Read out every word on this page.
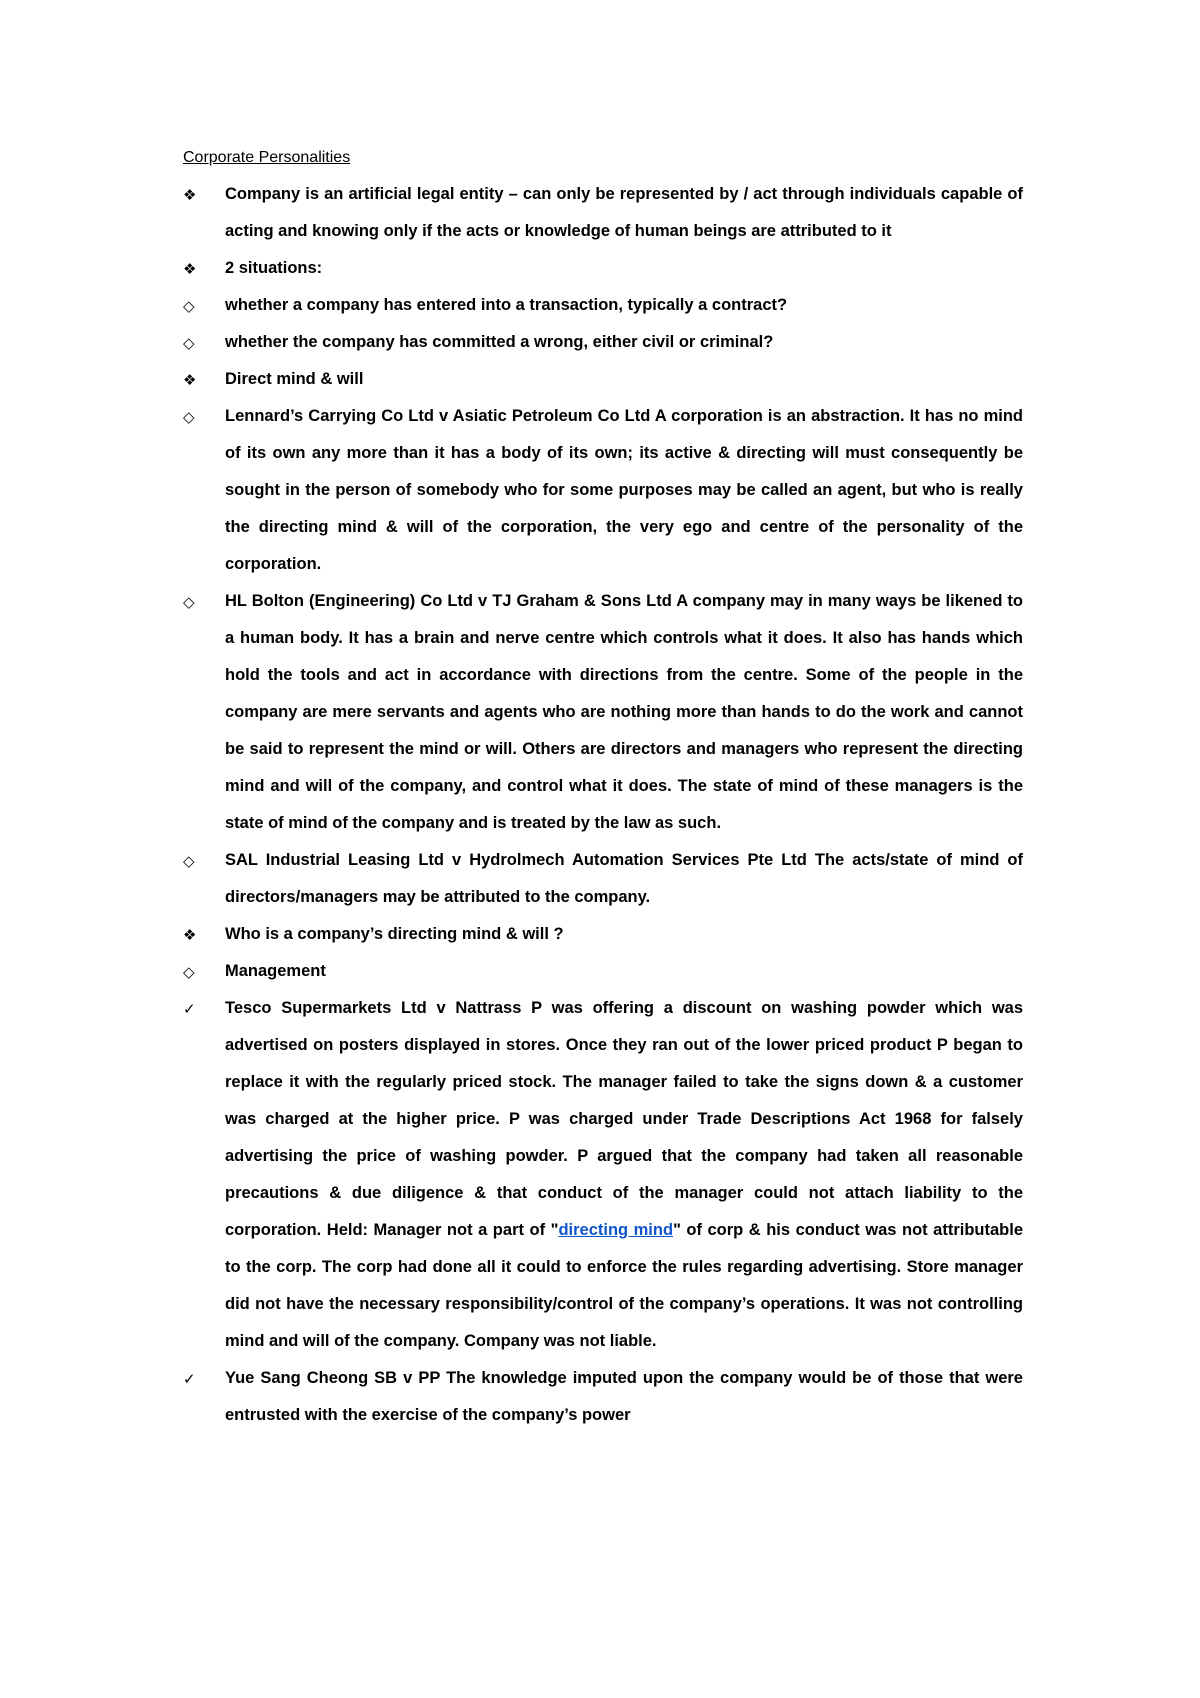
Corporate Personalities
❖	Company is an artificial legal entity – can only be represented by / act through individuals capable of acting and knowing only if the acts or knowledge of human beings are attributed to it
❖	2 situations:
◇	whether a company has entered into a transaction, typically a contract?
◇	whether the company has committed a wrong, either civil or criminal?
❖	Direct mind & will
◇	Lennard’s Carrying Co Ltd v Asiatic Petroleum Co Ltd A corporation is an abstraction. It has no mind of its own any more than it has a body of its own; its active & directing will must consequently be sought in the person of somebody who for some purposes may be called an agent, but who is really the directing mind & will of the corporation, the very ego and centre of the personality of the corporation.
◇	HL Bolton (Engineering) Co Ltd v TJ Graham & Sons Ltd A company may in many ways be likened to a human body. It has a brain and nerve centre which controls what it does. It also has hands which hold the tools and act in accordance with directions from the centre. Some of the people in the company are mere servants and agents who are nothing more than hands to do the work and cannot be said to represent the mind or will. Others are directors and managers who represent the directing mind and will of the company, and control what it does. The state of mind of these managers is the state of mind of the company and is treated by the law as such.
◇	SAL Industrial Leasing Ltd v Hydrolmech Automation Services Pte Ltd The acts/state of mind of directors/managers may be attributed to the company.
❖	Who is a company’s directing mind & will ?
◇	Management
✓	Tesco Supermarkets Ltd v Nattrass P was offering a discount on washing powder which was advertised on posters displayed in stores. Once they ran out of the lower priced product P began to replace it with the regularly priced stock. The manager failed to take the signs down & a customer was charged at the higher price. P was charged under Trade Descriptions Act 1968 for falsely advertising the price of washing powder. P argued that the company had taken all reasonable precautions & due diligence & that conduct of the manager could not attach liability to the corporation. Held: Manager not a part of "directing mind" of corp & his conduct was not attributable to the corp. The corp had done all it could to enforce the rules regarding advertising. Store manager did not have the necessary responsibility/control of the company’s operations. It was not controlling mind and will of the company. Company was not liable.
✓	Yue Sang Cheong SB v PP The knowledge imputed upon the company would be of those that were entrusted with the exercise of the company’s power
